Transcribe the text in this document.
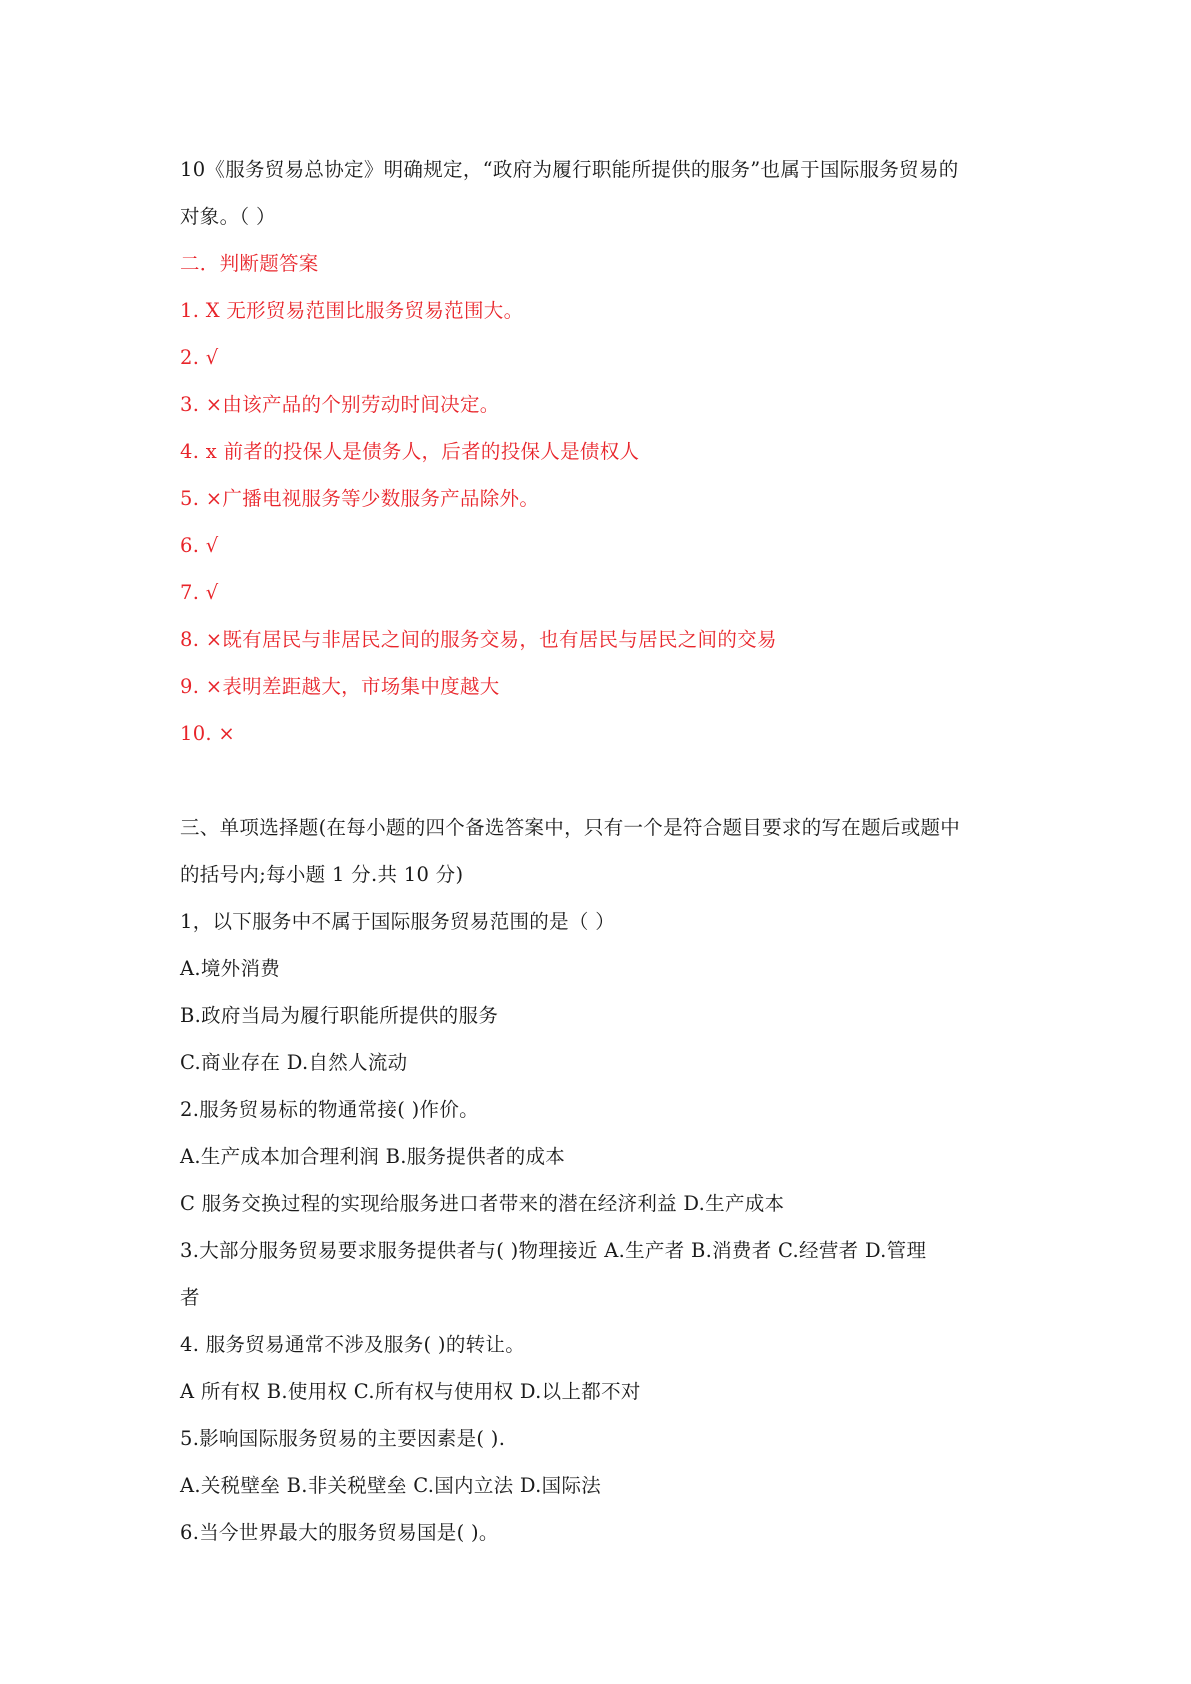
10《服务贸易总协定》明确规定，“政府为履行职能所提供的服务”也属于国际服务贸易的
对象。（ ）
二．判断题答案
1. X 无形贸易范围比服务贸易范围大。
2. √
3. ×由该产品的个别劳动时间决定。
4. x 前者的投保人是债务人，后者的投保人是债权人
5. ×广播电视服务等少数服务产品除外。
6. √
7. √
8. ×既有居民与非居民之间的服务交易，也有居民与居民之间的交易
9. ×表明差距越大，市场集中度越大
10. ×
三、单项选择题(在每小题的四个备选答案中，只有一个是符合题目要求的写在题后或题中
的括号内;每小题 1 分.共 10 分)
1，以下服务中不属于国际服务贸易范围的是（ ）
A.境外消费
B.政府当局为履行职能所提供的服务
C.商业存在 D.自然人流动
2.服务贸易标的物通常接( )作价。
A.生产成本加合理利润 B.服务提供者的成本
C 服务交换过程的实现给服务进口者带来的潜在经济利益 D.生产成本
3.大部分服务贸易要求服务提供者与( )物理接近 A.生产者 B.消费者 C.经营者 D.管理
者
4. 服务贸易通常不涉及服务( )的转让。
A 所有权 B.使用权 C.所有权与使用权 D.以上都不对
5.影响国际服务贸易的主要因素是( ).
A.关税壁垒 B.非关税壁垒 C.国内立法 D.国际法
6.当今世界最大的服务贸易国是( )。
